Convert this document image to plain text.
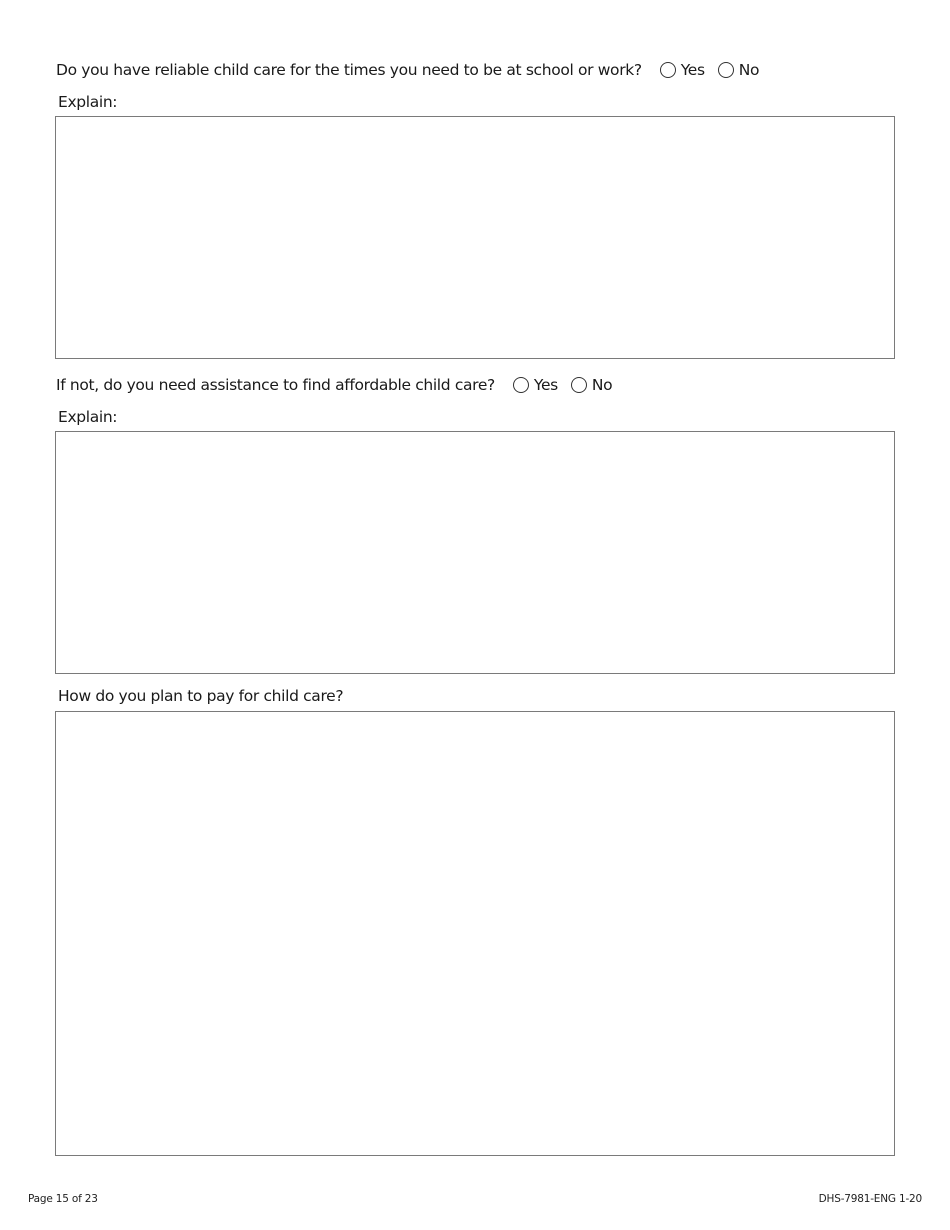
Do you have reliable child care for the times you need to be at school or work?	Yes No
Explain:
If not, do you need assistance to find affordable child care?	Yes No
Explain:
How do you plan to pay for child care?
Page 15 of 23	DHS-7981-ENG 1-20
